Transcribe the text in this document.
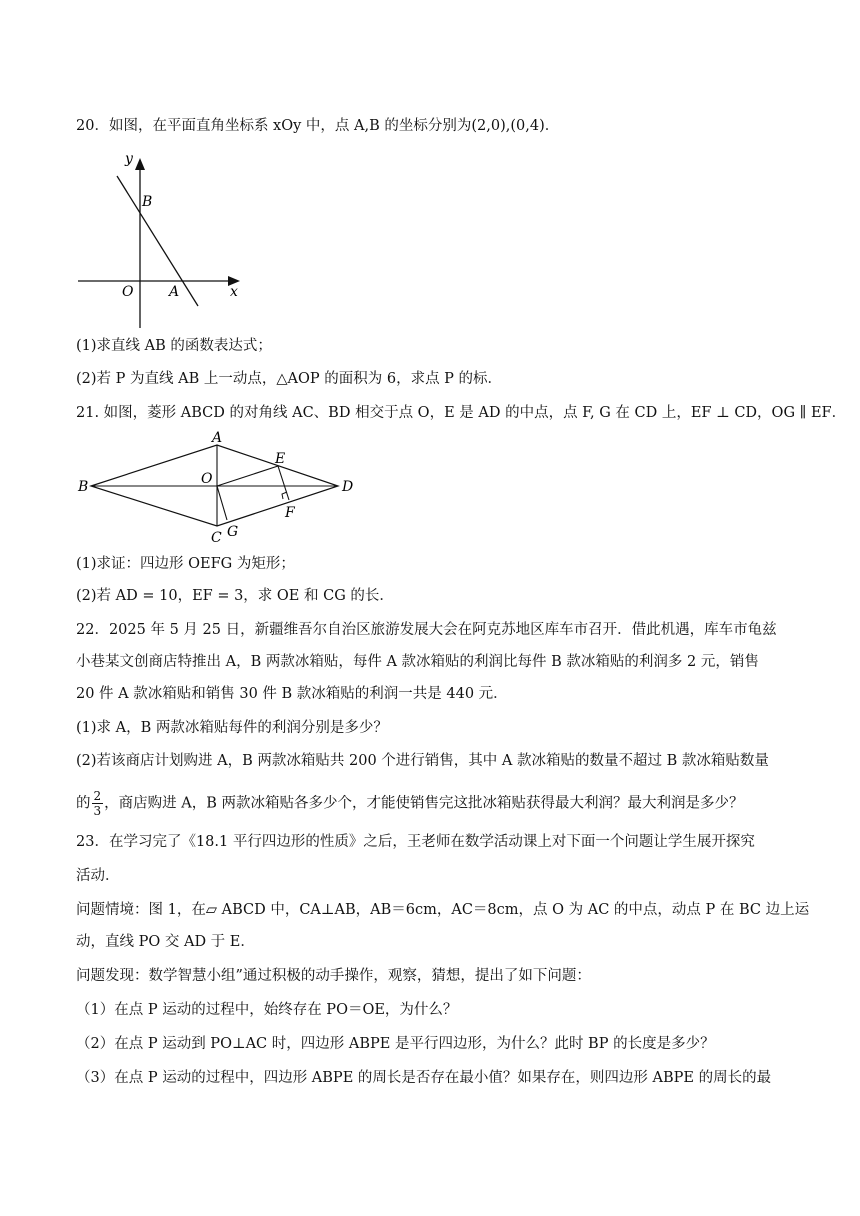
20．如图，在平面直角坐标系 xOy 中，点 A,B 的坐标分别为(2,0),(0,4)．
y
B
O	A	x
(1)求直线 AB 的函数表达式；
(2)若 P 为直线 AB 上一动点，△AOP 的面积为 6，求点 P 的标．
21. 如图，菱形 ABCD 的对角线 AC、BD 相交于点 O，E 是 AD 的中点，点 F, G 在 CD 上，EF ⊥ CD，OG ∥ EF．
A
B
C
D
O
E
F
G
(1)求证：四边形 OEFG 为矩形；
(2)若 AD = 10，EF = 3，求 OE 和 CG 的长．
22．2025 年 5 月 25 日，新疆维吾尔自治区旅游发展大会在阿克苏地区库车市召开．借此机遇，库车市龟兹
小巷某文创商店特推出 A，B 两款冰箱贴，每件 A 款冰箱贴的利润比每件 B 款冰箱贴的利润多 2 元，销售
20 件 A 款冰箱贴和销售 30 件 B 款冰箱贴的利润一共是 440 元．
(1)求 A，B 两款冰箱贴每件的利润分别是多少？
(2)若该商店计划购进 A，B 两款冰箱贴共 200 个进行销售，其中 A 款冰箱贴的数量不超过 B 款冰箱贴数量
的 $\frac{2}{3}$ ，商店购进 A，B 两款冰箱贴各多少个，才能使销售完这批冰箱贴获得最大利润？最大利润是多少？
23．在学习完了《18.1 平行四边形的性质》之后，王老师在数学活动课上对下面一个问题让学生展开探究
活动．
问题情境：图 1，在▱ ABCD 中，CA⊥AB，AB＝6cm，AC＝8cm，点 O 为 AC 的中点，动点 P 在 BC 边上运
动，直线 PO 交 AD 于 E．
问题发现：数学智慧小组”通过积极的动手操作，观察，猜想，提出了如下问题：
（1）在点 P 运动的过程中，始终存在 PO＝OE，为什么？
（2）在点 P 运动到 PO⊥AC 时，四边形 ABPE 是平行四边形，为什么？此时 BP 的长度是多少？
（3）在点 P 运动的过程中，四边形 ABPE 的周长是否存在最小值？如果存在，则四边形 ABPE 的周长的最
